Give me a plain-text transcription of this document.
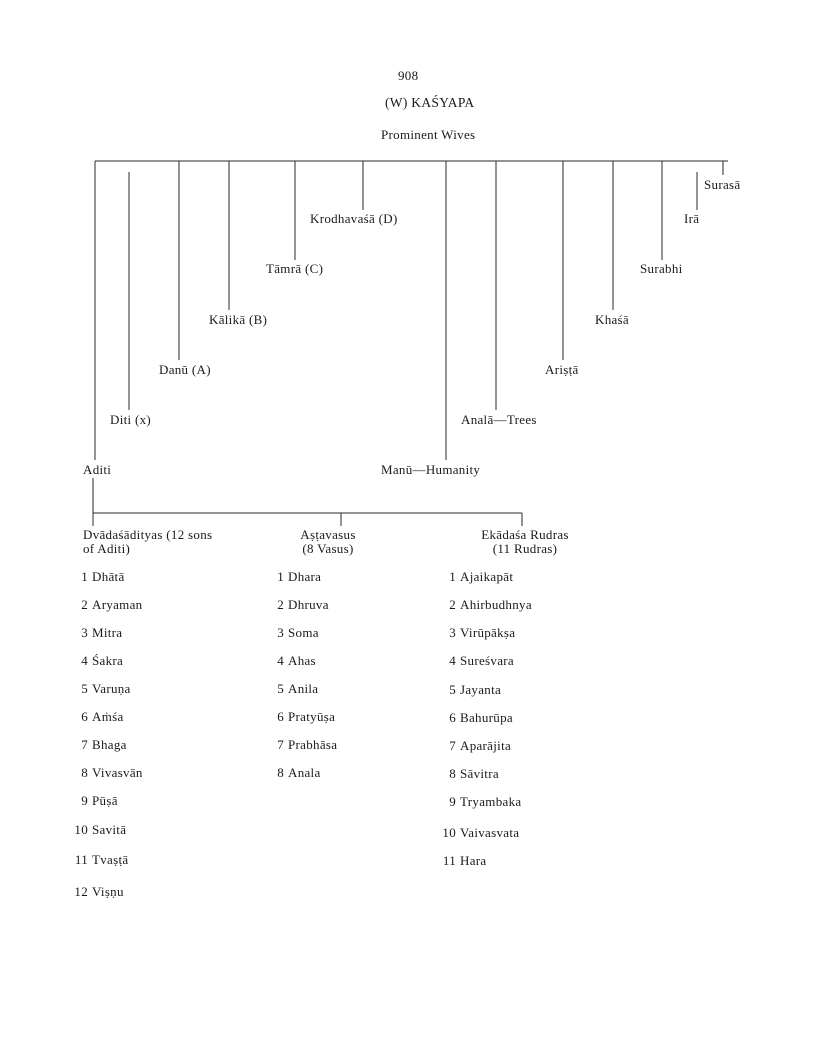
908
(W) KAŚYAPA
Prominent Wives
Surasā
Krodhavaśā (D)	Irā
Tāmrā (C)	Surabhi
Kālikā (B)	Khaśā
Danū (A)	Ariṣṭā
Diti (x)	Analā—Trees
Aditi	Manū—Humanity
Dvādaśādityas (12 sons
of Aditi)
Aṣṭavasus
(8 Vasus)
Ekādaśa Rudras
(11 Rudras)
1 Dhātā
2 Aryaman
3 Mitra
4 Śakra
5 Varuṇa
6 Aṁśa
7 Bhaga
8 Vivasvān
9 Pūṣā
10 Savitā
11 Tvaṣṭā
12 Viṣṇu
1 Dhara
2 Dhruva
3 Soma
4 Ahas
5 Anila
6 Pratyūṣa
7 Prabhāsa
8 Anala
1 Ajaikapāt
2 Ahirbudhnya
3 Virūpākṣa
4 Sureśvara
5 Jayanta
6 Bahurūpa
7 Aparājita
8 Sāvitra
9 Tryambaka
10 Vaivasvata
11 Hara
